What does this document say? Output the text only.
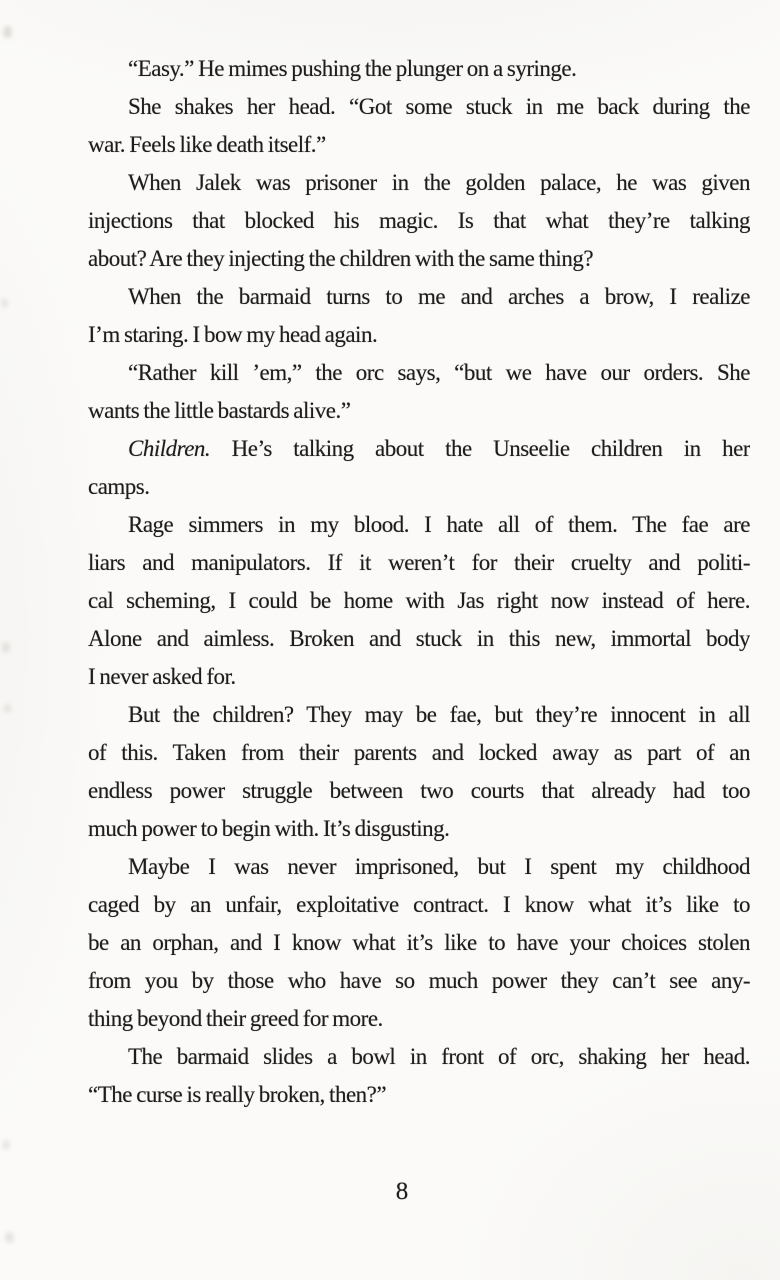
“Easy.” He mimes pushing the plunger on a syringe.
She shakes her head. “Got some stuck in me back during the
war. Feels like death itself.”
When Jalek was prisoner in the golden palace, he was given
injections that blocked his magic. Is that what they’re talking
about? Are they injecting the children with the same thing?
When the barmaid turns to me and arches a brow, I realize
I’m staring. I bow my head again.
“Rather kill ’em,” the orc says, “but we have our orders. She
wants the little bastards alive.”
Children. He’s talking about the Unseelie children in her
camps.
Rage simmers in my blood. I hate all of them. The fae are
liars and manipulators. If it weren’t for their cruelty and politi-
cal scheming, I could be home with Jas right now instead of here.
Alone and aimless. Broken and stuck in this new, immortal body
I never asked for.
But the children? They may be fae, but they’re innocent in all
of this. Taken from their parents and locked away as part of an
endless power struggle between two courts that already had too
much power to begin with. It’s disgusting.
Maybe I was never imprisoned, but I spent my childhood
caged by an unfair, exploitative contract. I know what it’s like to
be an orphan, and I know what it’s like to have your choices stolen
from you by those who have so much power they can’t see any-
thing beyond their greed for more.
The barmaid slides a bowl in front of orc, shaking her head.
“The curse is really broken, then?”
8
